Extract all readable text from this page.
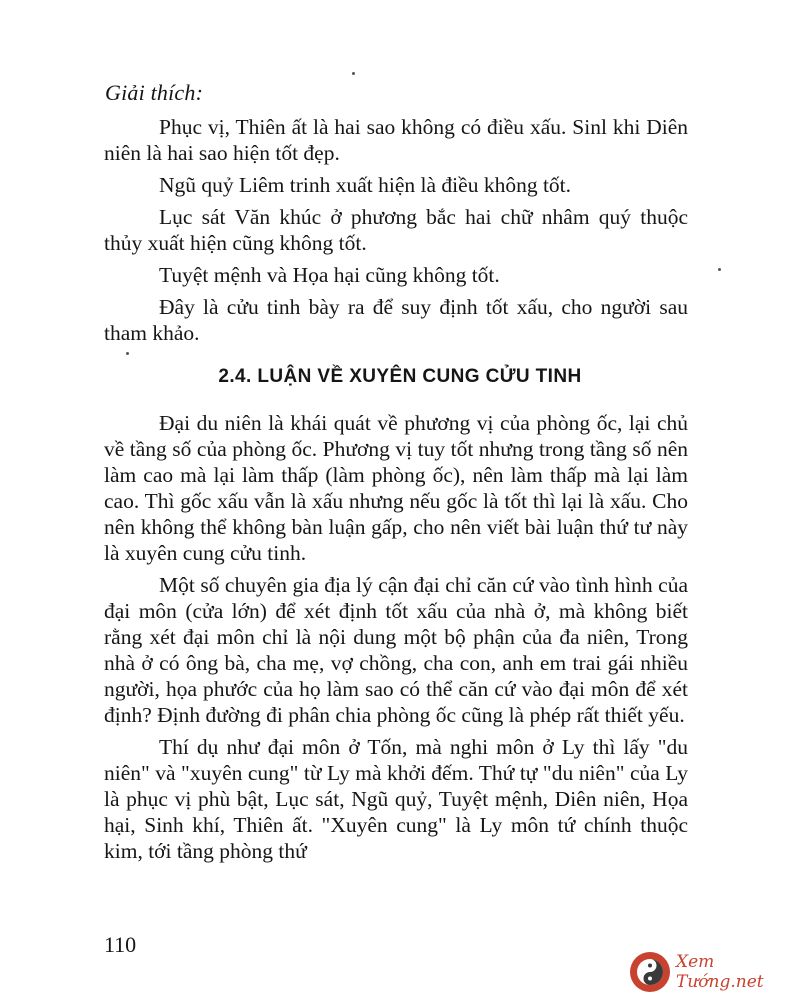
Giải thích:

Phục vị, Thiên ất là hai sao không có điều xấu. Sinl khi Diên niên là hai sao hiện tốt đẹp.

Ngũ quỷ Liêm trinh xuất hiện là điều không tốt.

Lục sát Văn khúc ở phương bắc hai chữ nhâm quý thuộc thủy xuất hiện cũng không tốt.

Tuyệt mệnh và Họa hại cũng không tốt.

Đây là cửu tinh bày ra để suy định tốt xấu, cho người sau tham khảo.

2.4. LUẬN VỀ XUYÊN CUNG CỬU TINH

Đại du niên là khái quát về phương vị của phòng ốc, lại chủ về tầng số của phòng ốc. Phương vị tuy tốt nhưng trong tầng số nên làm cao mà lại làm thấp (làm phòng ốc), nên làm thấp mà lại làm cao. Thì gốc xấu vẫn là xấu nhưng nếu gốc là tốt thì lại là xấu. Cho nên không thể không bàn luận gấp, cho nên viết bài luận thứ tư này là xuyên cung cửu tinh.

Một số chuyên gia địa lý cận đại chỉ căn cứ vào tình hình của đại môn (cửa lớn) để xét định tốt xấu của nhà ở, mà không biết rằng xét đại môn chỉ là nội dung một bộ phận của đa niên, Trong nhà ở có ông bà, cha mẹ, vợ chồng, cha con, anh em trai gái nhiều người, họa phước của họ làm sao có thể căn cứ vào đại môn để xét định? Định đường đi phân chia phòng ốc cũng là phép rất thiết yếu.

Thí dụ như đại môn ở Tốn, mà nghi môn ở Ly thì lấy "du niên" và "xuyên cung" từ Ly mà khởi đếm. Thứ tự "du niên" của Ly là phục vị phù bật, Lục sát, Ngũ quỷ, Tuyệt mệnh, Diên niên, Họa hại, Sinh khí, Thiên ất. "Xuyên cung" là Ly môn tứ chính thuộc kim, tới tầng phòng thứ

110
Xem Tướng.net
